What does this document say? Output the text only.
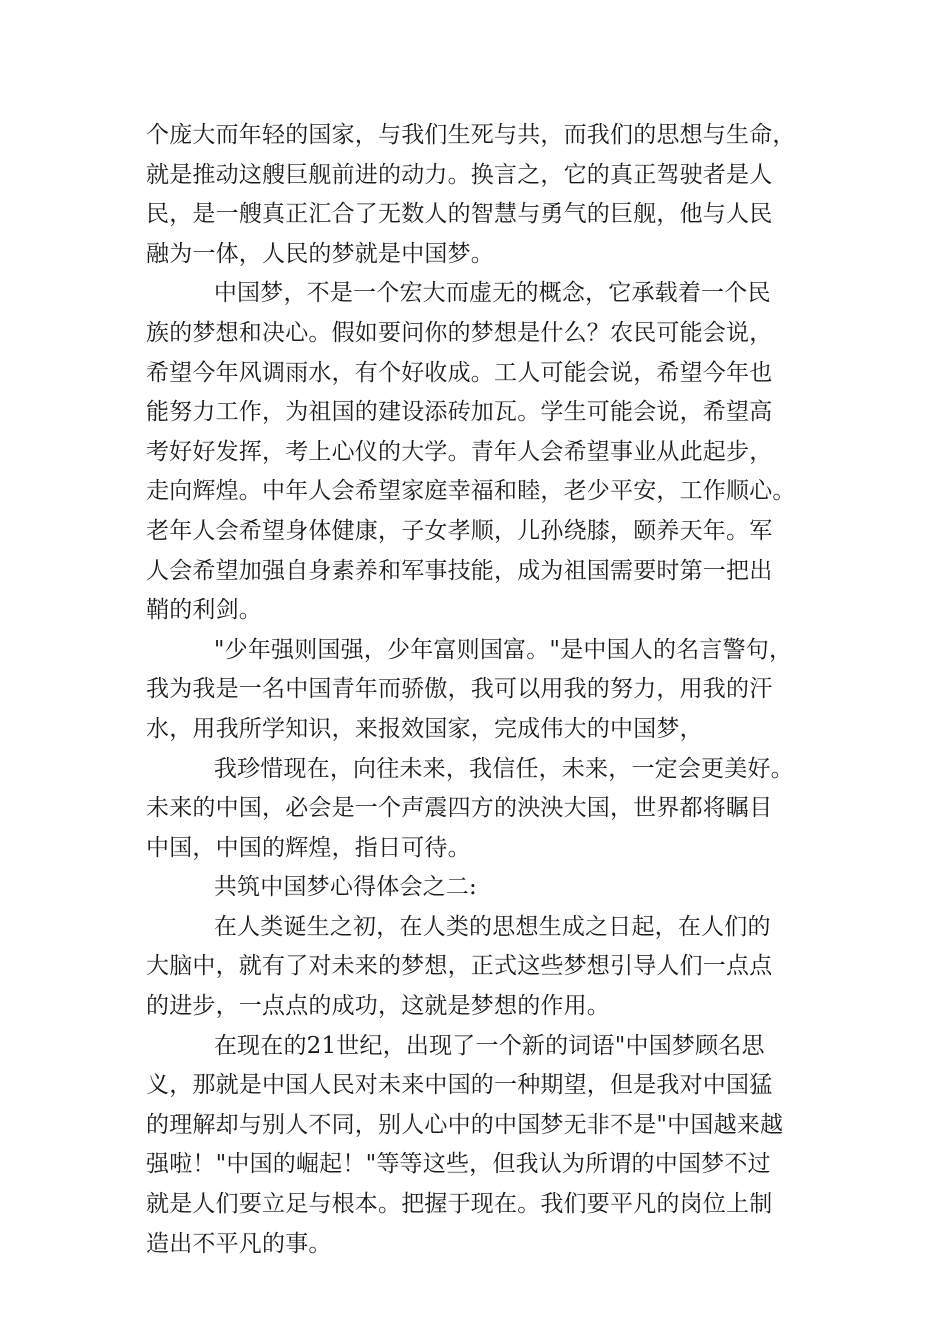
个庞大而年轻的国家，与我们生死与共，而我们的思想与生命，
就是推动这艘巨舰前进的动力。换言之，它的真正驾驶者是人
民，是一艘真正汇合了无数人的智慧与勇气的巨舰，他与人民
融为一体，人民的梦就是中国梦。

中国梦，不是一个宏大而虚无的概念，它承载着一个民
族的梦想和决心。假如要问你的梦想是什么？农民可能会说，
希望今年风调雨水，有个好收成。工人可能会说，希望今年也
能努力工作，为祖国的建设添砖加瓦。学生可能会说，希望高
考好好发挥，考上心仪的大学。青年人会希望事业从此起步，
走向辉煌。中年人会希望家庭幸福和睦，老少平安，工作顺心。
老年人会希望身体健康，子女孝顺，儿孙绕膝，颐养天年。军
人会希望加强自身素养和军事技能，成为祖国需要时第一把出
鞘的利剑。

"少年强则国强，少年富则国富。"是中国人的名言警句，
我为我是一名中国青年而骄傲，我可以用我的努力，用我的汗
水，用我所学知识，来报效国家，完成伟大的中国梦，

我珍惜现在，向往未来，我信任，未来，一定会更美好。
未来的中国，必会是一个声震四方的泱泱大国，世界都将瞩目
中国，中国的辉煌，指日可待。

共筑中国梦心得体会之二:

在人类诞生之初，在人类的思想生成之日起，在人们的
大脑中，就有了对未来的梦想，正式这些梦想引导人们一点点
的进步，一点点的成功，这就是梦想的作用。

在现在的21世纪，出现了一个新的词语"中国梦顾名思
义，那就是中国人民对未来中国的一种期望，但是我对中国猛
的理解却与别人不同，别人心中的中国梦无非不是"中国越来越
强啦！"中国的崛起！"等等这些，但我认为所谓的中国梦不过
就是人们要立足与根本。把握于现在。我们要平凡的岗位上制
造出不平凡的事。
